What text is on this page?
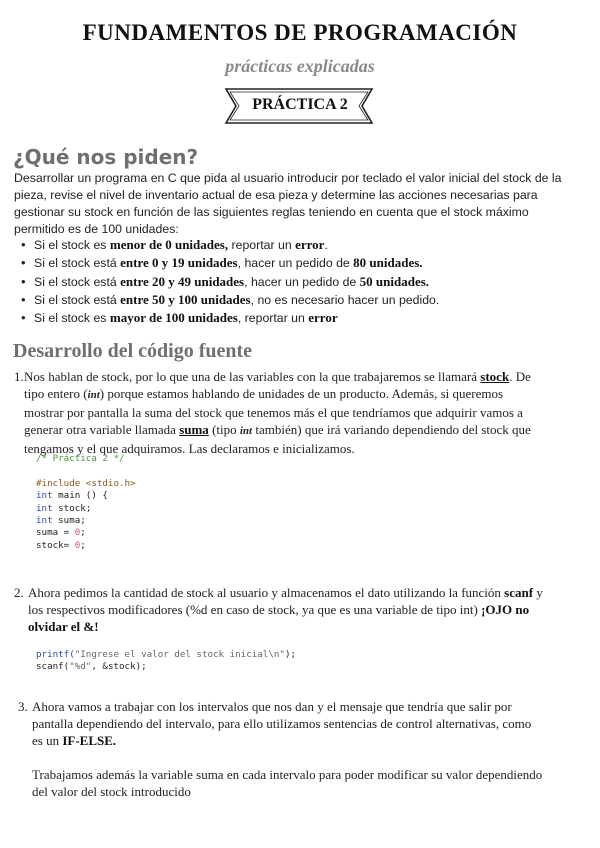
FUNDAMENTOS DE PROGRAMACIÓN
prácticas explicadas
PRÁCTICA 2
¿Qué nos piden?
Desarrollar un programa en C que pida al usuario introducir por teclado el valor inicial del stock de la
pieza, revise el nivel de inventario actual de esa pieza y determine las acciones necesarias para
gestionar su stock en función de las siguientes reglas teniendo en cuenta que el stock máximo
permitido es de 100 unidades:
• Si el stock es menor de 0 unidades, reportar un error.
• Si el stock está entre 0 y 19 unidades, hacer un pedido de 80 unidades.
• Si el stock está entre 20 y 49 unidades, hacer un pedido de 50 unidades.
• Si el stock está entre 50 y 100 unidades, no es necesario hacer un pedido.
• Si el stock es mayor de 100 unidades, reportar un error
Desarrollo del código fuente
1. Nos hablan de stock, por lo que una de las variables con la que trabajaremos se llamará stock. De
tipo entero (int) porque estamos hablando de unidades de un producto. Además, si queremos
mostrar por pantalla la suma del stock que tenemos más el que tendríamos que adquirir vamos a
generar otra variable llamada suma (tipo int también) que irá variando dependiendo del stock que
tengamos y el que adquiramos. Las declaramos e inicializamos.
/* Práctica 2 */

#include <stdio.h>
int main () {
int stock;
int suma;
suma = 0;
stock= 0;
2. Ahora pedimos la cantidad de stock al usuario y almacenamos el dato utilizando la función scanf y
los respectivos modificadores (%d en caso de stock, ya que es una variable de tipo int) ¡OJO no
olvidar el &!
printf("Ingrese el valor del stock inicial\n");
scanf("%d", &stock);
3. Ahora vamos a trabajar con los intervalos que nos dan y el mensaje que tendría que salir por
pantalla dependiendo del intervalo, para ello utilizamos sentencias de control alternativas, como
es un IF-ELSE.

Trabajamos además la variable suma en cada intervalo para poder modificar su valor dependiendo
del valor del stock introducido
